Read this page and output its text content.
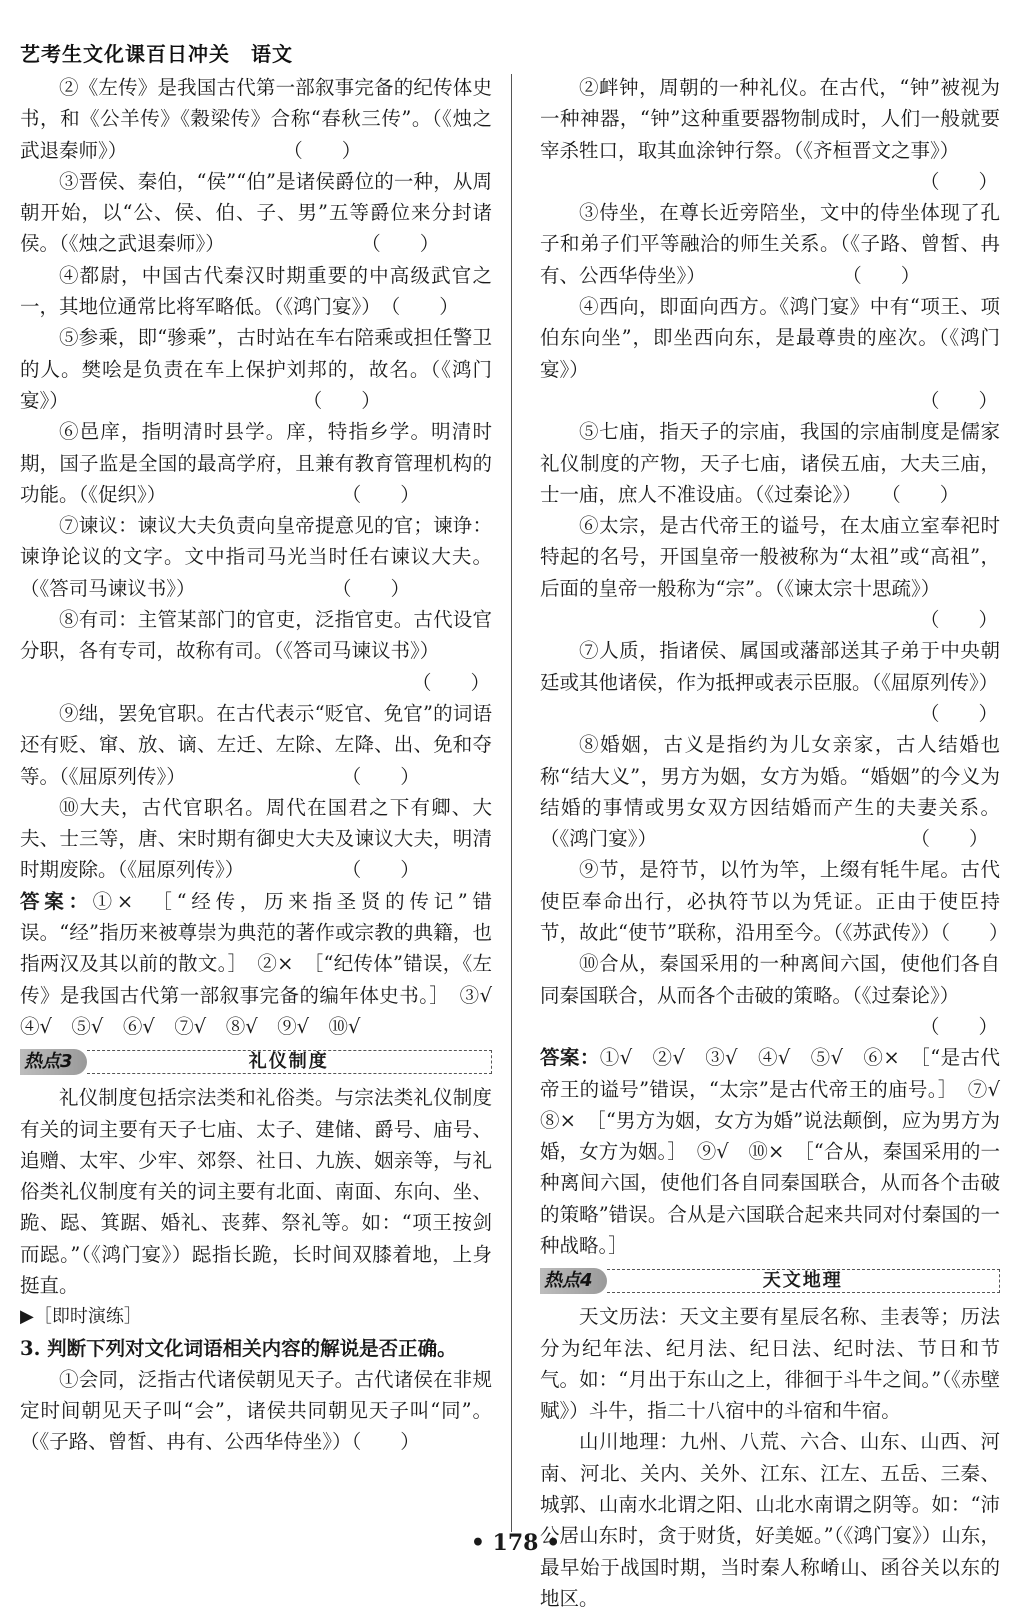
艺考生文化课百日冲关　语文

②《左传》是我国古代第一部叙事完备的纪传体史书，和《公羊传》《穀梁传》合称“春秋三传”。（《烛之武退秦师》）　　　　　　　　　（　　）

③晋侯、秦伯，“侯”“伯”是诸侯爵位的一种，从周朝开始，以“公、侯、伯、子、男”五等爵位来分封诸侯。（《烛之武退秦师》）　　　　　　　　（　　）

④都尉，中国古代秦汉时期重要的中高级武官之一，其地位通常比将军略低。（《鸿门宴》）　（　　）

⑤参乘，即“骖乘”，古时站在车右陪乘或担任警卫的人。樊哙是负责在车上保护刘邦的，故名。（《鸿门宴》）　　　　　　　　　　　　　（　　）

⑥邑庠，指明清时县学。庠，特指乡学。明清时期，国子监是全国的最高学府，且兼有教育管理机构的功能。（《促织》）　　　　　　　　　　（　　）

⑦谏议：谏议大夫负责向皇帝提意见的官；谏诤：谏诤论议的文字。文中指司马光当时任右谏议大夫。（《答司马谏议书》）　　　　　　　　（　　）

⑧有司：主管某部门的官吏，泛指官吏。古代设官分职，各有专司，故称有司。（《答司马谏议书》）

（　　）

⑨绌，罢免官职。在古代表示“贬官、免官”的词语还有贬、窜、放、谪、左迁、左除、左降、出、免和夺等。（《屈原列传》）　　　　　　　　　（　　）

⑩大夫，古代官职名。周代在国君之下有卿、大夫、士三等，唐、宋时期有御史大夫及谏议大夫，明清时期废除。（《屈原列传》）　　　　　　（　　）

答案：①×　［“经传，历来指圣贤的传记”错误。“经”指历来被尊崇为典范的著作或宗教的典籍，也指两汉及其以前的散文。］　②×　［“纪传体”错误，《左传》是我国古代第一部叙事完备的编年体史书。］　③√　④√　⑤√　⑥√　⑦√　⑧√　⑨√　⑩√

热点3	礼仪制度

礼仪制度包括宗法类和礼俗类。与宗法类礼仪制度有关的词主要有天子七庙、太子、建储、爵号、庙号、追赠、太牢、少牢、郊祭、社日、九族、姻亲等，与礼俗类礼仪制度有关的词主要有北面、南面、东向、坐、跪、跽、箕踞、婚礼、丧葬、祭礼等。如：“项王按剑而跽。”（《鸿门宴》）跽指长跪，长时间双膝着地，上身挺直。

▶［即时演练］

3. 判断下列对文化词语相关内容的解说是否正确。

①会同，泛指古代诸侯朝见天子。古代诸侯在非规定时间朝见天子叫“会”，诸侯共同朝见天子叫“同”。（《子路、曾皙、冉有、公西华侍坐》）（　　）

②衅钟，周朝的一种礼仪。在古代，“钟”被视为一种神器，“钟”这种重要器物制成时，人们一般就要宰杀牲口，取其血涂钟行祭。（《齐桓晋文之事》）

（　　）

③侍坐，在尊长近旁陪坐，文中的侍坐体现了孔子和弟子们平等融洽的师生关系。（《子路、曾皙、冉有、公西华侍坐》）　　　　　　　　（　　）

④西向，即面向西方。《鸿门宴》中有“项王、项伯东向坐”，即坐西向东，是最尊贵的座次。（《鸿门宴》）

（　　）

⑤七庙，指天子的宗庙，我国的宗庙制度是儒家礼仪制度的产物，天子七庙，诸侯五庙，大夫三庙，士一庙，庶人不准设庙。（《过秦论》）　　（　　）

⑥太宗，是古代帝王的谥号，在太庙立室奉祀时特起的名号，开国皇帝一般被称为“太祖”或“高祖”，后面的皇帝一般称为“宗”。（《谏太宗十思疏》）

（　　）

⑦人质，指诸侯、属国或藩部送其子弟于中央朝廷或其他诸侯，作为抵押或表示臣服。（《屈原列传》）

（　　）

⑧婚姻，古义是指约为儿女亲家，古人结婚也称“结大义”，男方为姻，女方为婚。“婚姻”的今义为结婚的事情或男女双方因结婚而产生的夫妻关系。（《鸿门宴》）　　　　　　　　　　　　　　（　　）

⑨节，是符节，以竹为竿，上缀有牦牛尾。古代使臣奉命出行，必执符节以为凭证。正由于使臣持节，故此“使节”联称，沿用至今。（《苏武传》）（　　）

⑩合从，秦国采用的一种离间六国，使他们各自同秦国联合，从而各个击破的策略。（《过秦论》）

（　　）

答案：①√　②√　③√　④√　⑤√　⑥×　［“是古代帝王的谥号”错误，“太宗”是古代帝王的庙号。］　⑦√　⑧×　［“男方为姻，女方为婚”说法颠倒，应为男方为婚，女方为姻。］　⑨√　⑩×　［“合从，秦国采用的一种离间六国，使他们各自同秦国联合，从而各个击破的策略”错误。合从是六国联合起来共同对付秦国的一种战略。］

热点4	天文地理

天文历法：天文主要有星辰名称、圭表等；历法分为纪年法、纪月法、纪日法、纪时法、节日和节气。如：“月出于东山之上，徘徊于斗牛之间。”（《赤壁赋》）斗牛，指二十八宿中的斗宿和牛宿。

山川地理：九州、八荒、六合、山东、山西、河南、河北、关内、关外、江东、江左、五岳、三秦、城郭、山南水北谓之阳、山北水南谓之阴等。如：“沛公居山东时，贪于财货，好美姬。”（《鸿门宴》）山东，最早始于战国时期，当时秦人称崤山、函谷关以东的地区。

• 178 •
